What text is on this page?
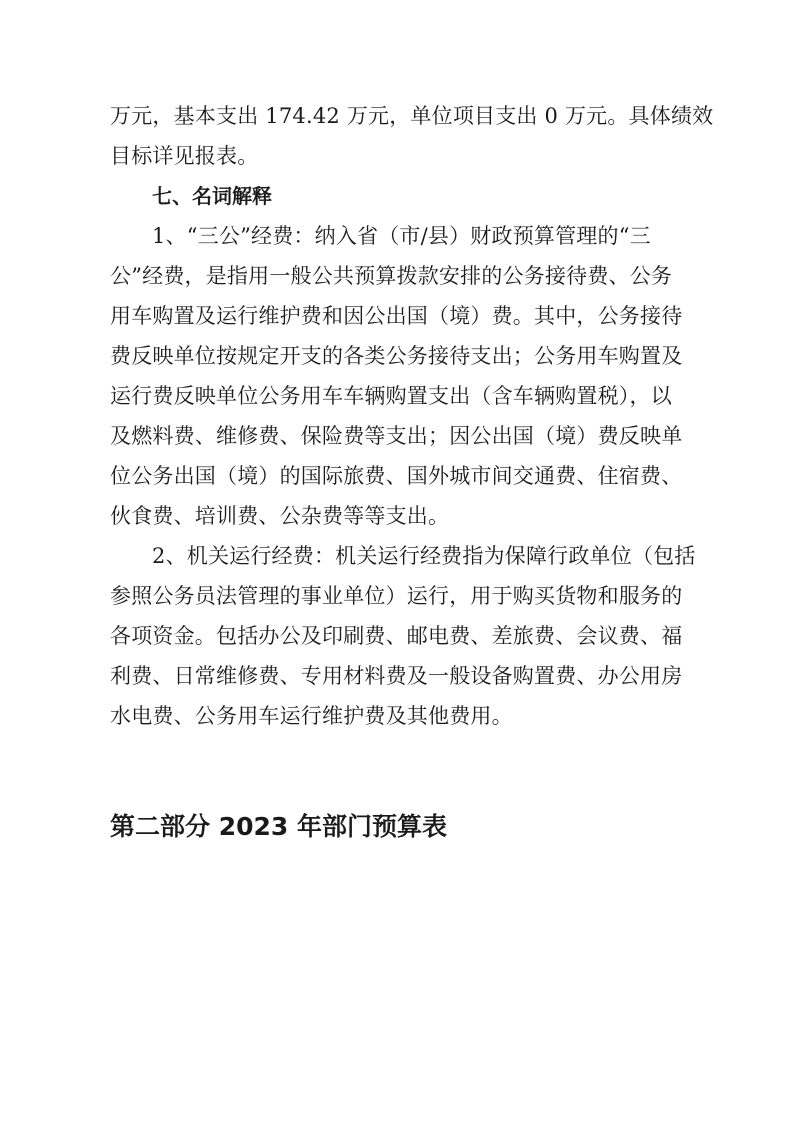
万元，基本支出 174.42 万元，单位项目支出 0 万元。具体绩效
目标详见报表。
七、名词解释
1、“三公”经费：纳入省（市/县）财政预算管理的“三
公”经费，是指用一般公共预算拨款安排的公务接待费、公务
用车购置及运行维护费和因公出国（境）费。其中，公务接待
费反映单位按规定开支的各类公务接待支出；公务用车购置及
运行费反映单位公务用车车辆购置支出（含车辆购置税），以
及燃料费、维修费、保险费等支出；因公出国（境）费反映单
位公务出国（境）的国际旅费、国外城市间交通费、住宿费、
伙食费、培训费、公杂费等等支出。
2、机关运行经费：机关运行经费指为保障行政单位（包括
参照公务员法管理的事业单位）运行，用于购买货物和服务的
各项资金。包括办公及印刷费、邮电费、差旅费、会议费、福
利费、日常维修费、专用材料费及一般设备购置费、办公用房
水电费、公务用车运行维护费及其他费用。
第二部分 2023 年部门预算表
